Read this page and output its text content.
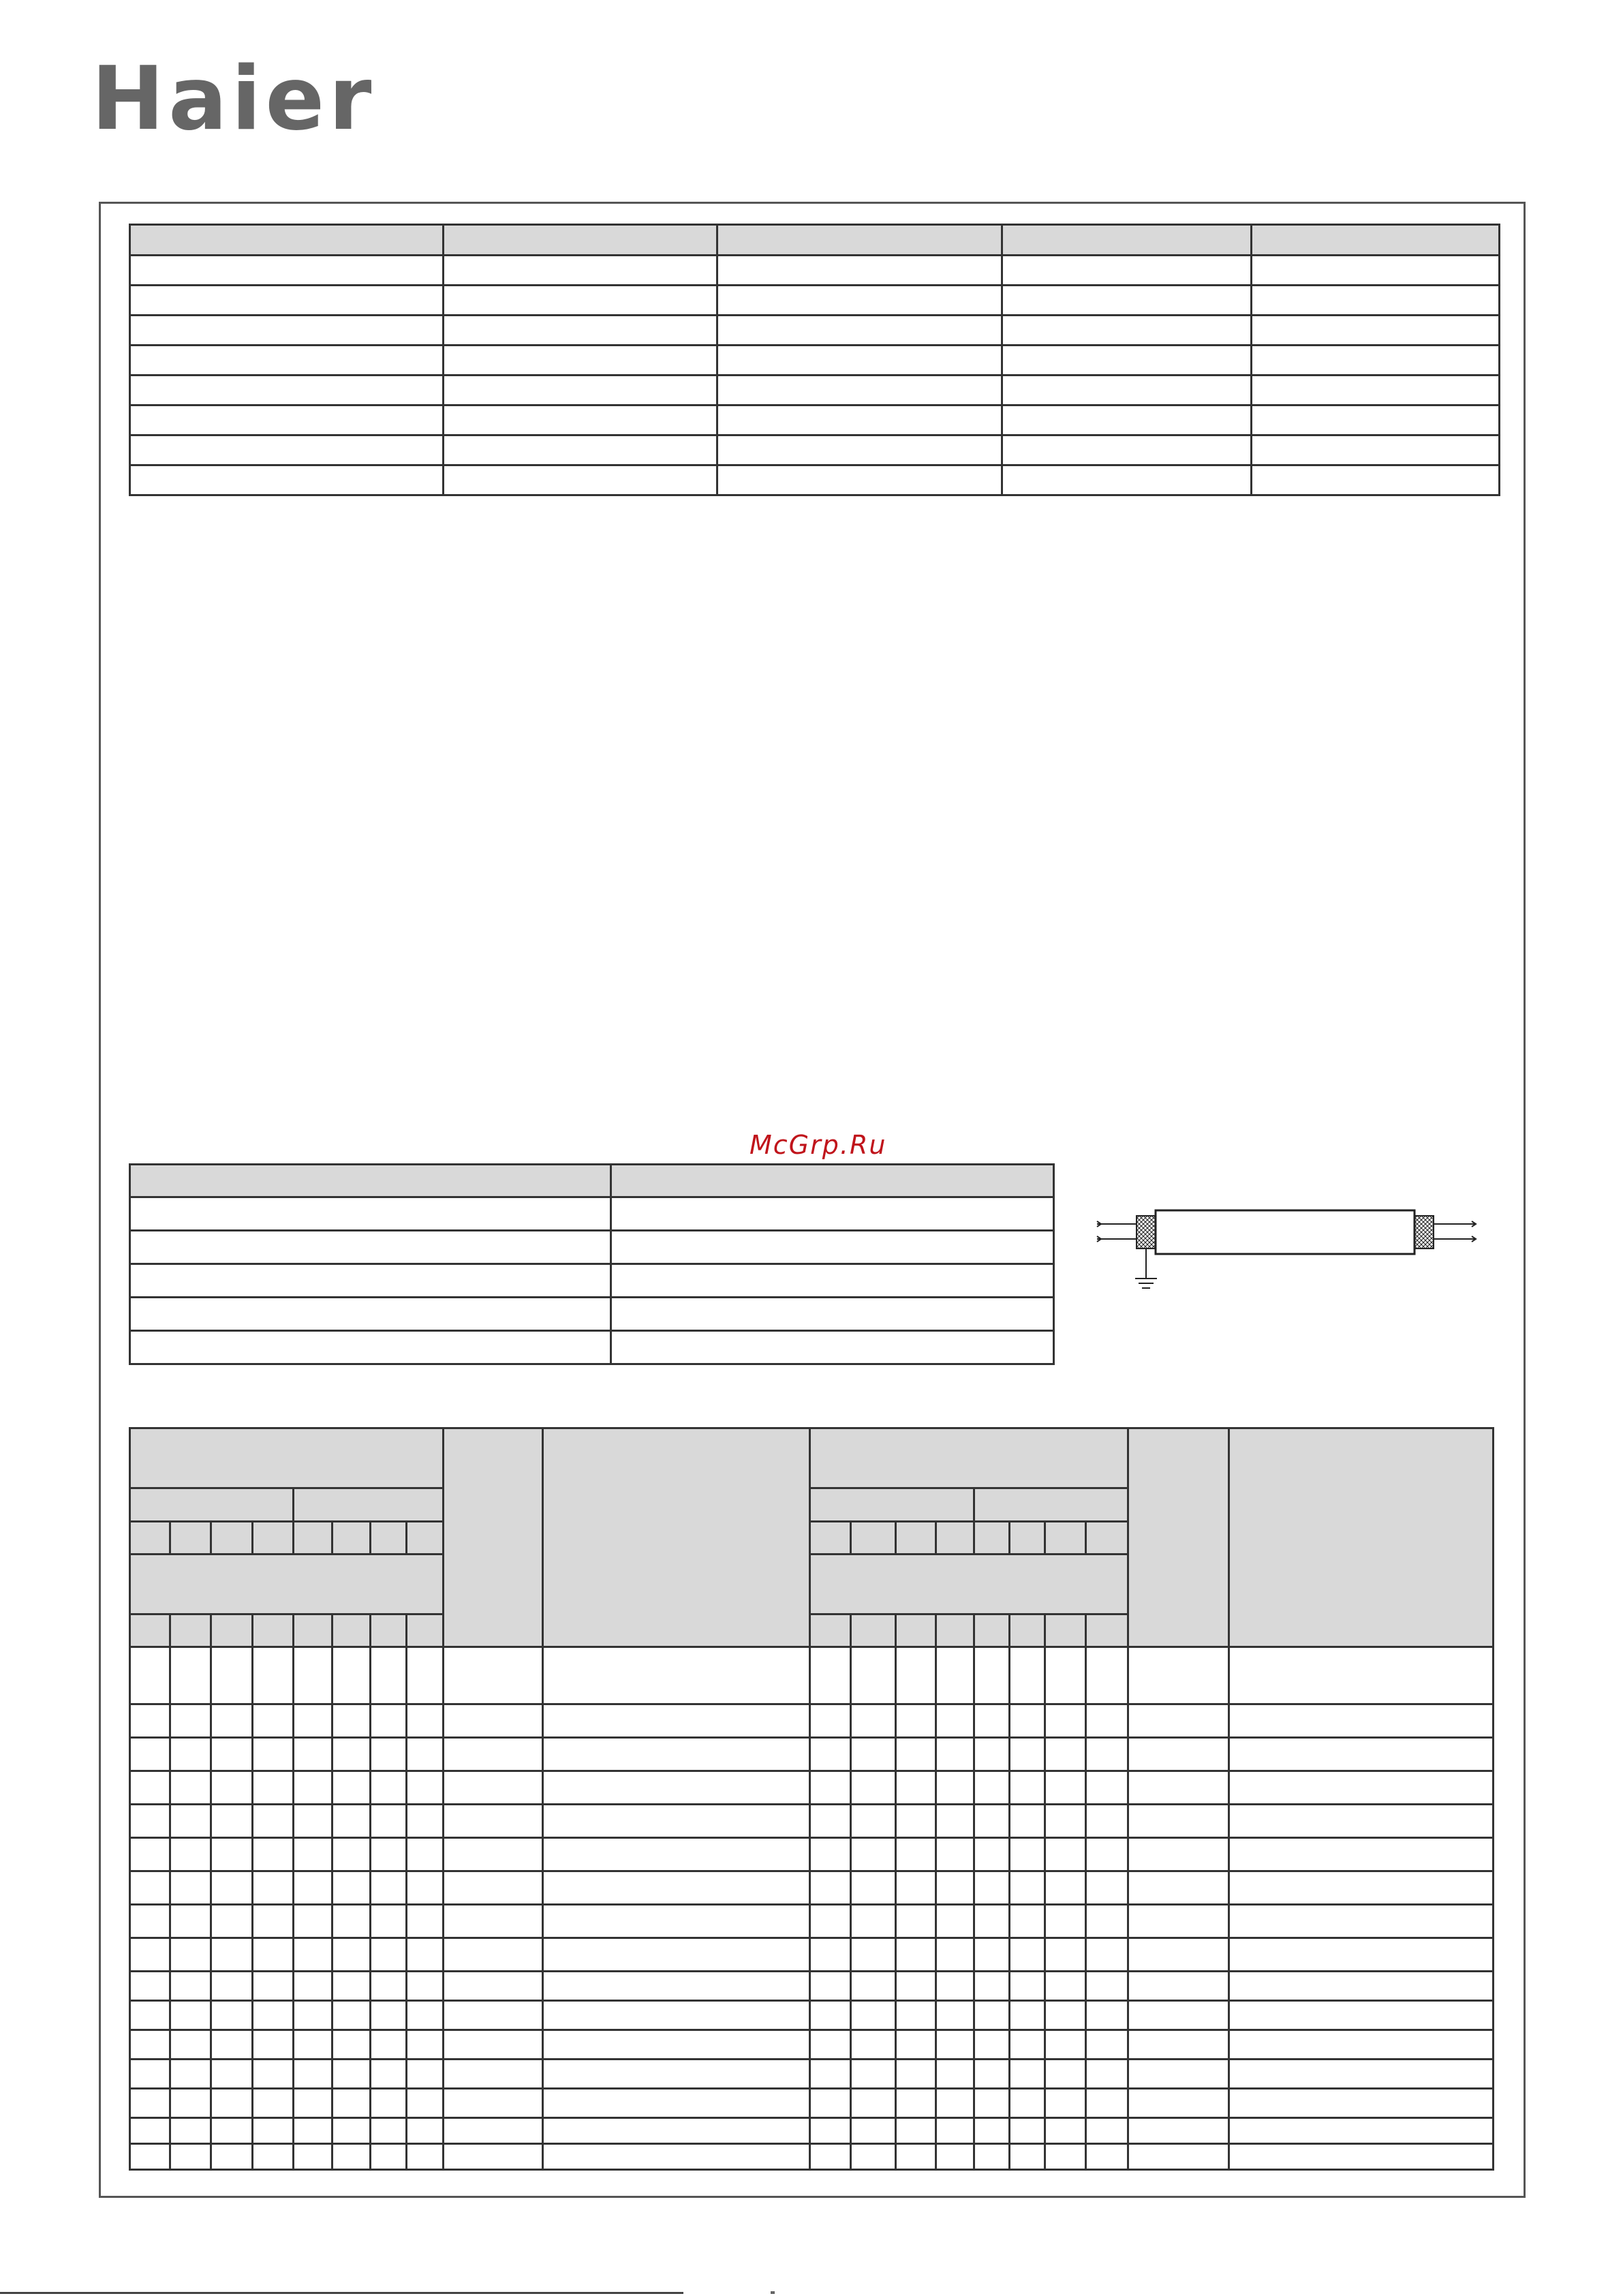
Haier

McGrp.Ru
